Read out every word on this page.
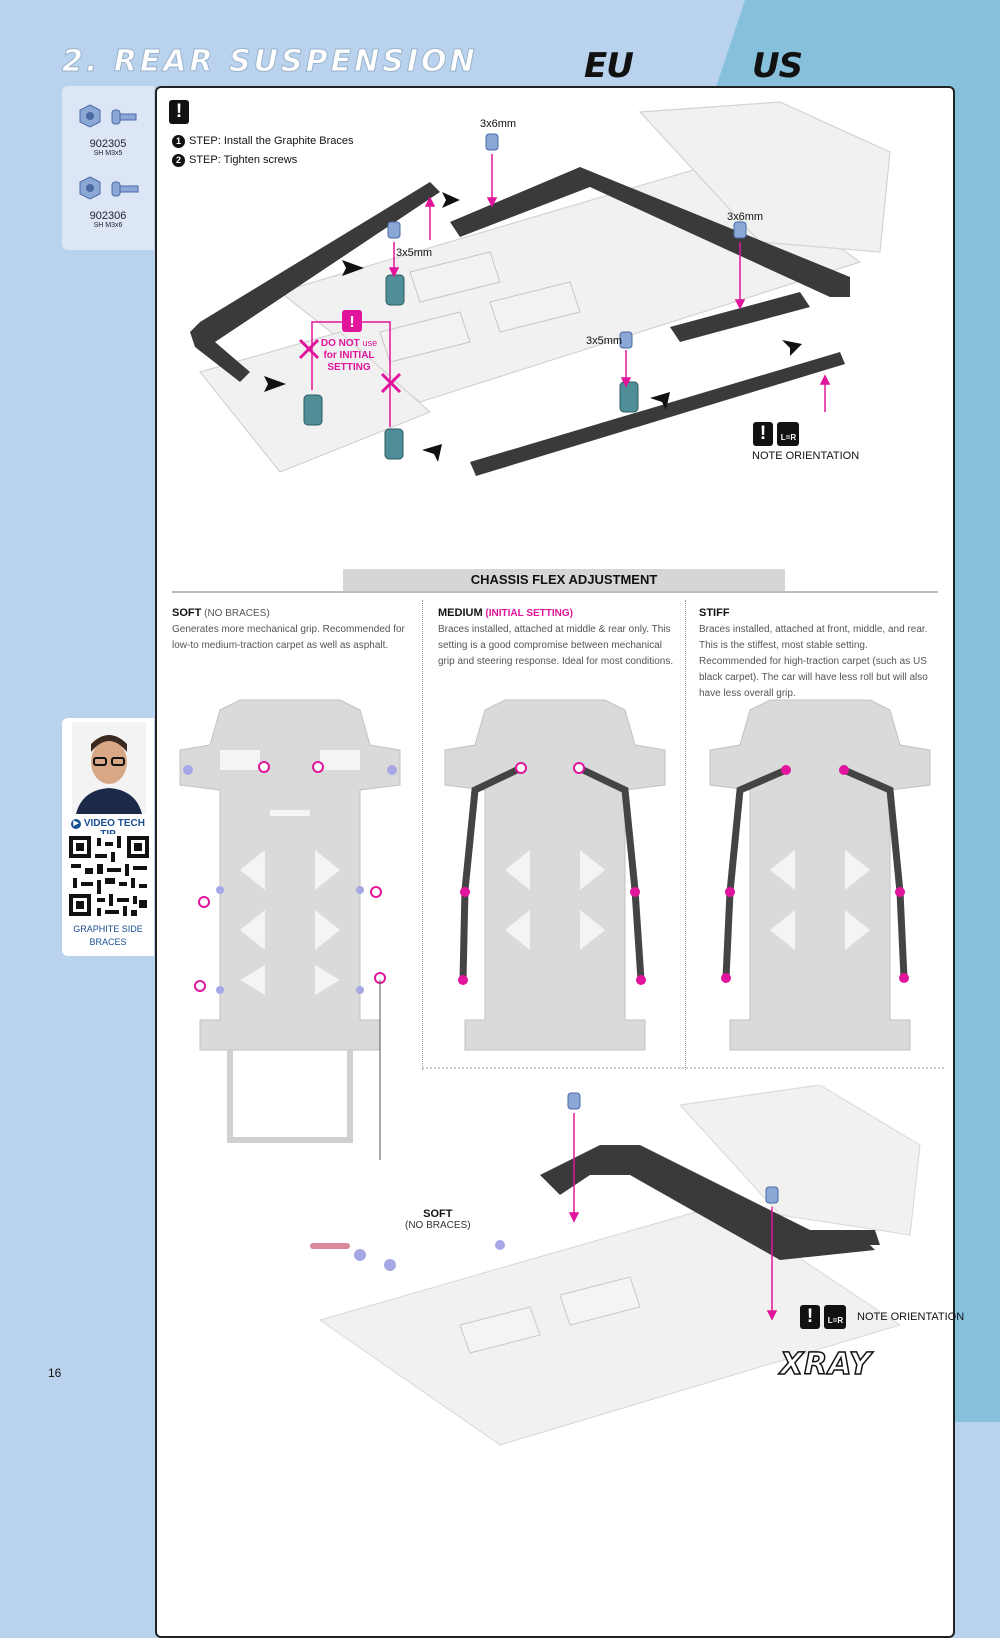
2. REAR SUSPENSION	EU	US
902305
SH M3x5
902306
SH M3x6
!
1 STEP: Install the Graphite Braces
2 STEP: Tighten screws
!
3x6mm
3x6mm
3x5mm
3x5mm
DO NOT use
for INITIAL
SETTING
! L=R
NOTE ORIENTATION
CHASSIS FLEX ADJUSTMENT
SOFT (NO BRACES)
Generates more mechanical grip. Recommended for low-to medium-traction carpet as well as asphalt.
MEDIUM (INITIAL SETTING)
Braces installed, attached at middle & rear only. This setting is a good compromise between mechanical grip and steering response. Ideal for most conditions.
STIFF
Braces installed, attached at front, middle, and rear. This is the stiffest, most stable setting. Recommended for high-traction carpet (such as US black carpet). The car will have less roll but will also have less overall grip.
▶ VIDEO TECH
GRAPHITE SIDE
BRACES
SOFT
(NO BRACES)
! L=R	NOTE ORIENTATION
16	XRAY
